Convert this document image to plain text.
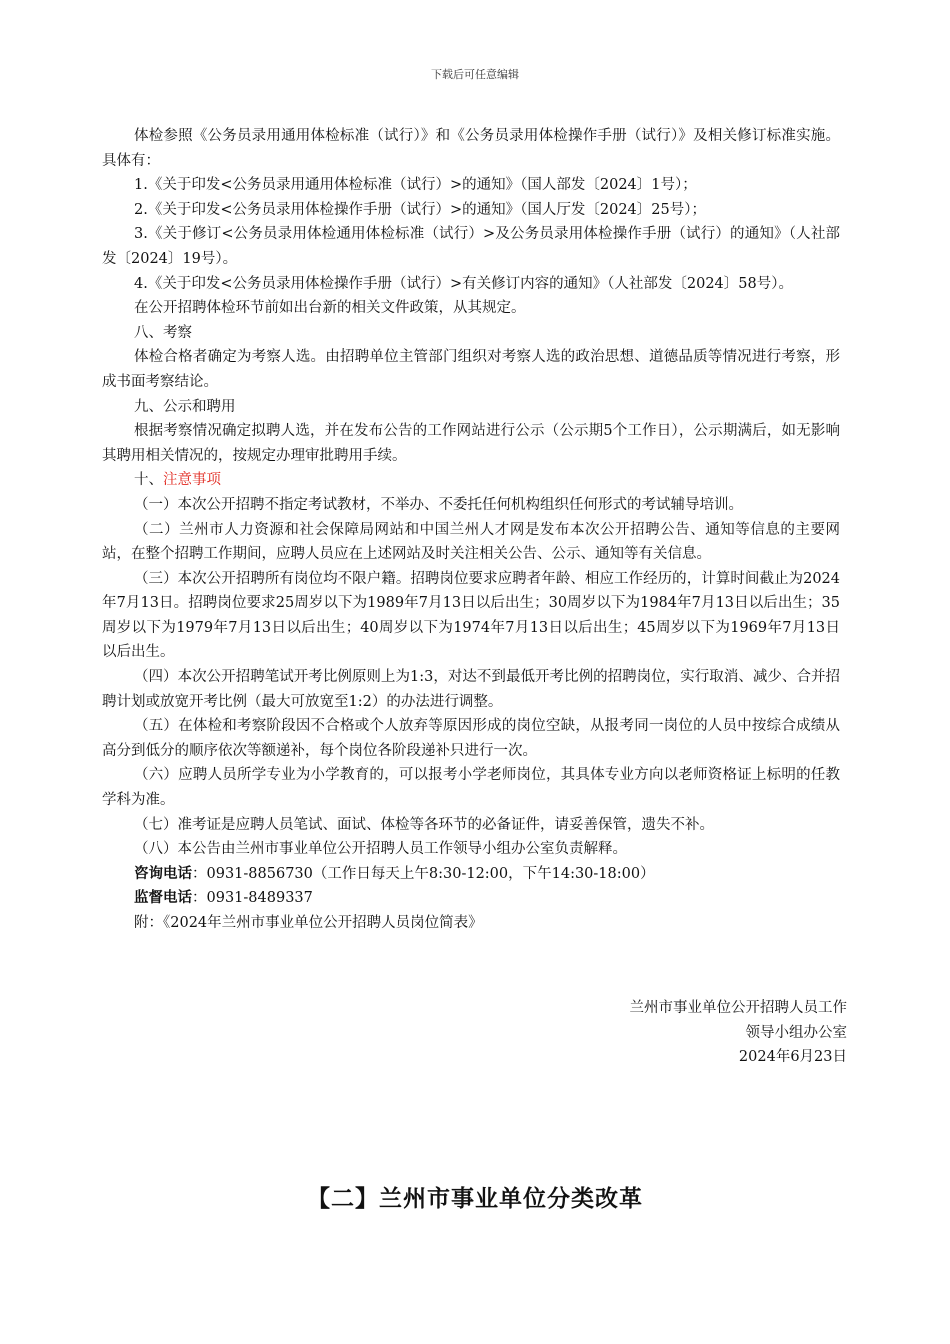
下载后可任意编辑

体检参照《公务员录用通用体检标准（试行）》和《公务员录用体检操作手册（试行）》及相关修订标准实施。具体有：

1.《关于印发<公务员录用通用体检标准（试行）>的通知》（国人部发〔2024〕1号）；

2.《关于印发<公务员录用体检操作手册（试行）>的通知》（国人厅发〔2024〕25号）；

3.《关于修订<公务员录用体检通用体检标准（试行）>及公务员录用体检操作手册（试行）的通知》（人社部发〔2024〕19号）。

4.《关于印发<公务员录用体检操作手册（试行）>有关修订内容的通知》（人社部发〔2024〕58号）。

在公开招聘体检环节前如出台新的相关文件政策，从其规定。

八、考察

体检合格者确定为考察人选。由招聘单位主管部门组织对考察人选的政治思想、道德品质等情况进行考察，形成书面考察结论。

九、公示和聘用

根据考察情况确定拟聘人选，并在发布公告的工作网站进行公示（公示期5个工作日），公示期满后，如无影响其聘用相关情况的，按规定办理审批聘用手续。

十、注意事项

（一）本次公开招聘不指定考试教材，不举办、不委托任何机构组织任何形式的考试辅导培训。

（二）兰州市人力资源和社会保障局网站和中国兰州人才网是发布本次公开招聘公告、通知等信息的主要网站，在整个招聘工作期间，应聘人员应在上述网站及时关注相关公告、公示、通知等有关信息。

（三）本次公开招聘所有岗位均不限户籍。招聘岗位要求应聘者年龄、相应工作经历的，计算时间截止为2024年7月13日。招聘岗位要求25周岁以下为1989年7月13日以后出生；30周岁以下为1984年7月13日以后出生；35周岁以下为1979年7月13日以后出生；40周岁以下为1974年7月13日以后出生；45周岁以下为1969年7月13日以后出生。

（四）本次公开招聘笔试开考比例原则上为1:3，对达不到最低开考比例的招聘岗位，实行取消、减少、合并招聘计划或放宽开考比例（最大可放宽至1:2）的办法进行调整。

（五）在体检和考察阶段因不合格或个人放弃等原因形成的岗位空缺，从报考同一岗位的人员中按综合成绩从高分到低分的顺序依次等额递补，每个岗位各阶段递补只进行一次。

（六）应聘人员所学专业为小学教育的，可以报考小学老师岗位，其具体专业方向以老师资格证上标明的任教学科为准。

（七）准考证是应聘人员笔试、面试、体检等各环节的必备证件，请妥善保管，遗失不补。

（八）本公告由兰州市事业单位公开招聘人员工作领导小组办公室负责解释。

咨询电话：0931-8856730（工作日每天上午8:30-12:00，下午14:30-18:00）

监督电话：0931-8489337

附：《2024年兰州市事业单位公开招聘人员岗位简表》

兰州市事业单位公开招聘人员工作
领导小组办公室
2024年6月23日
【二】兰州市事业单位分类改革
